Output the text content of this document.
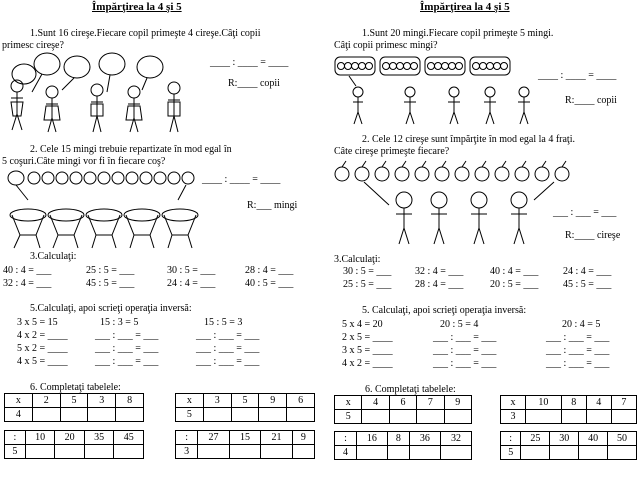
Împărţirea la 4 şi 5
1.Sunt 16 cireşe.Fiecare copil primeşte 4 cireşe.Câţi copii
primesc cireşe?
____ : ____ = ____
R:____ copii
2. Cele 15 mingi trebuie repartizate în mod egal în
5 coşuri.Câte mingi vor fi în fiecare coş?
____ : ____ = ____
R:___ mingi
3.Calculaţi:
40 : 4 = ___	25 : 5 = ___	30 : 5 = ___	28 : 4 = ___
32 : 4 = ___	45 : 5 = ___	24 : 4 = ___	40 : 5 = ___
5.Calculaţi, apoi scrieţi operaţia inversă:
3 x 5 = 15	15 : 3 = 5	15 : 5 = 3
4 x 2 = ____	___ : ___ = ___	___ : ___ = ___
5 x 2 = ____	___ : ___ = ___	___ : ___ = ___
4 x 5 = ____	___ : ___ = ___	___ : ___ = ___
6. Completaţi tabelele:
x	2	5	3	8
4				
x	3	5	9	6
5				
:	10	20	35	45
5				
:	27	15	21	9
3				
Împărţirea la 4 şi 5
1.Sunt 20 mingi.Fiecare copil primeşte 5 mingi.
Câţi copii primesc mingi?
____ : ____ = ____
R:____ copii
2. Cele 12 cireşe sunt împărţite în mod egal la 4 fraţi.
Câte cireşe primeşte fiecare?
___ : ___ = ___
R:____ cireşe
3.Calculaţi:
30 : 5 = ___ 32 : 4 = ___	40 : 4 = ___ 24 : 4 = ___
25 : 5 = ___ 28 : 4 = ___	20 : 5 = ___ 45 : 5 = ___
5. Calculaţi, apoi scrieţi operaţia inversă:
5 x 4 = 20	20 : 5 = 4	20 : 4 = 5
2 x 5 = ____	___ : ___ = ___	___ : ___ = ___
3 x 5 = ____	___ : ___ = ___	___ : ___ = ___
4 x 2 = ____	___ : ___ = ___	___ : ___ = ___
6. Completaţi tabelele:
x	4	6	7	9
5				
x	10	8	4	7
3				
:	16	8	36	32
4				
:	25	30	40	50
5				
